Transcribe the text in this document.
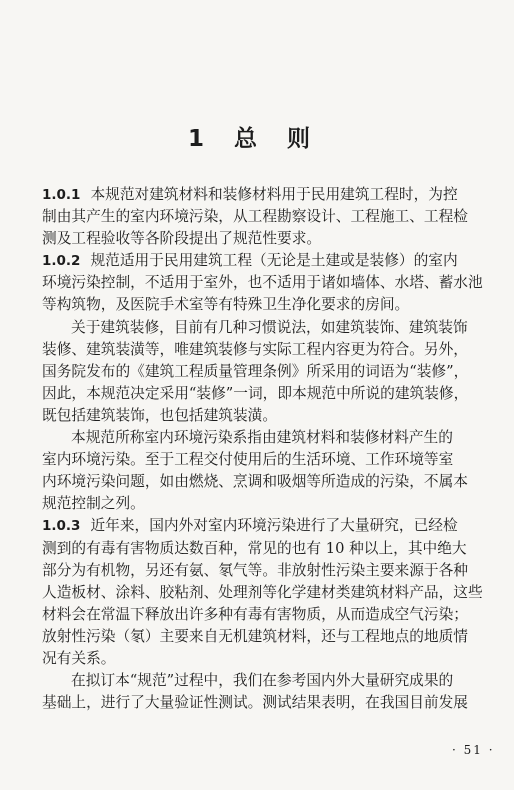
1 总 则
1.0.1 本规范对建筑材料和装修材料用于民用建筑工程时，为控
制由其产生的室内环境污染，从工程勘察设计、工程施工、工程检
测及工程验收等各阶段提出了规范性要求。
1.0.2 规范适用于民用建筑工程（无论是土建或是装修）的室内
环境污染控制，不适用于室外，也不适用于诸如墙体、水塔、蓄水池
等构筑物，及医院手术室等有特殊卫生净化要求的房间。
关于建筑装修，目前有几种习惯说法，如建筑装饰、建筑装饰
装修、建筑装潢等，唯建筑装修与实际工程内容更为符合。另外，
国务院发布的《建筑工程质量管理条例》所采用的词语为“装修”，
因此，本规范决定采用“装修”一词，即本规范中所说的建筑装修，
既包括建筑装饰，也包括建筑装潢。
本规范所称室内环境污染系指由建筑材料和装修材料产生的
室内环境污染。至于工程交付使用后的生活环境、工作环境等室
内环境污染问题，如由燃烧、烹调和吸烟等所造成的污染，不属本
规范控制之列。
1.0.3 近年来，国内外对室内环境污染进行了大量研究，已经检
测到的有毒有害物质达数百种，常见的也有 10 种以上，其中绝大
部分为有机物，另还有氨、氡气等。非放射性污染主要来源于各种
人造板材、涂料、胶粘剂、处理剂等化学建材类建筑材料产品，这些
材料会在常温下释放出许多种有毒有害物质，从而造成空气污染；
放射性污染（氡）主要来自无机建筑材料，还与工程地点的地质情
况有关系。
在拟订本“规范”过程中，我们在参考国内外大量研究成果的
基础上，进行了大量验证性测试。测试结果表明，在我国目前发展
· 51 ·
